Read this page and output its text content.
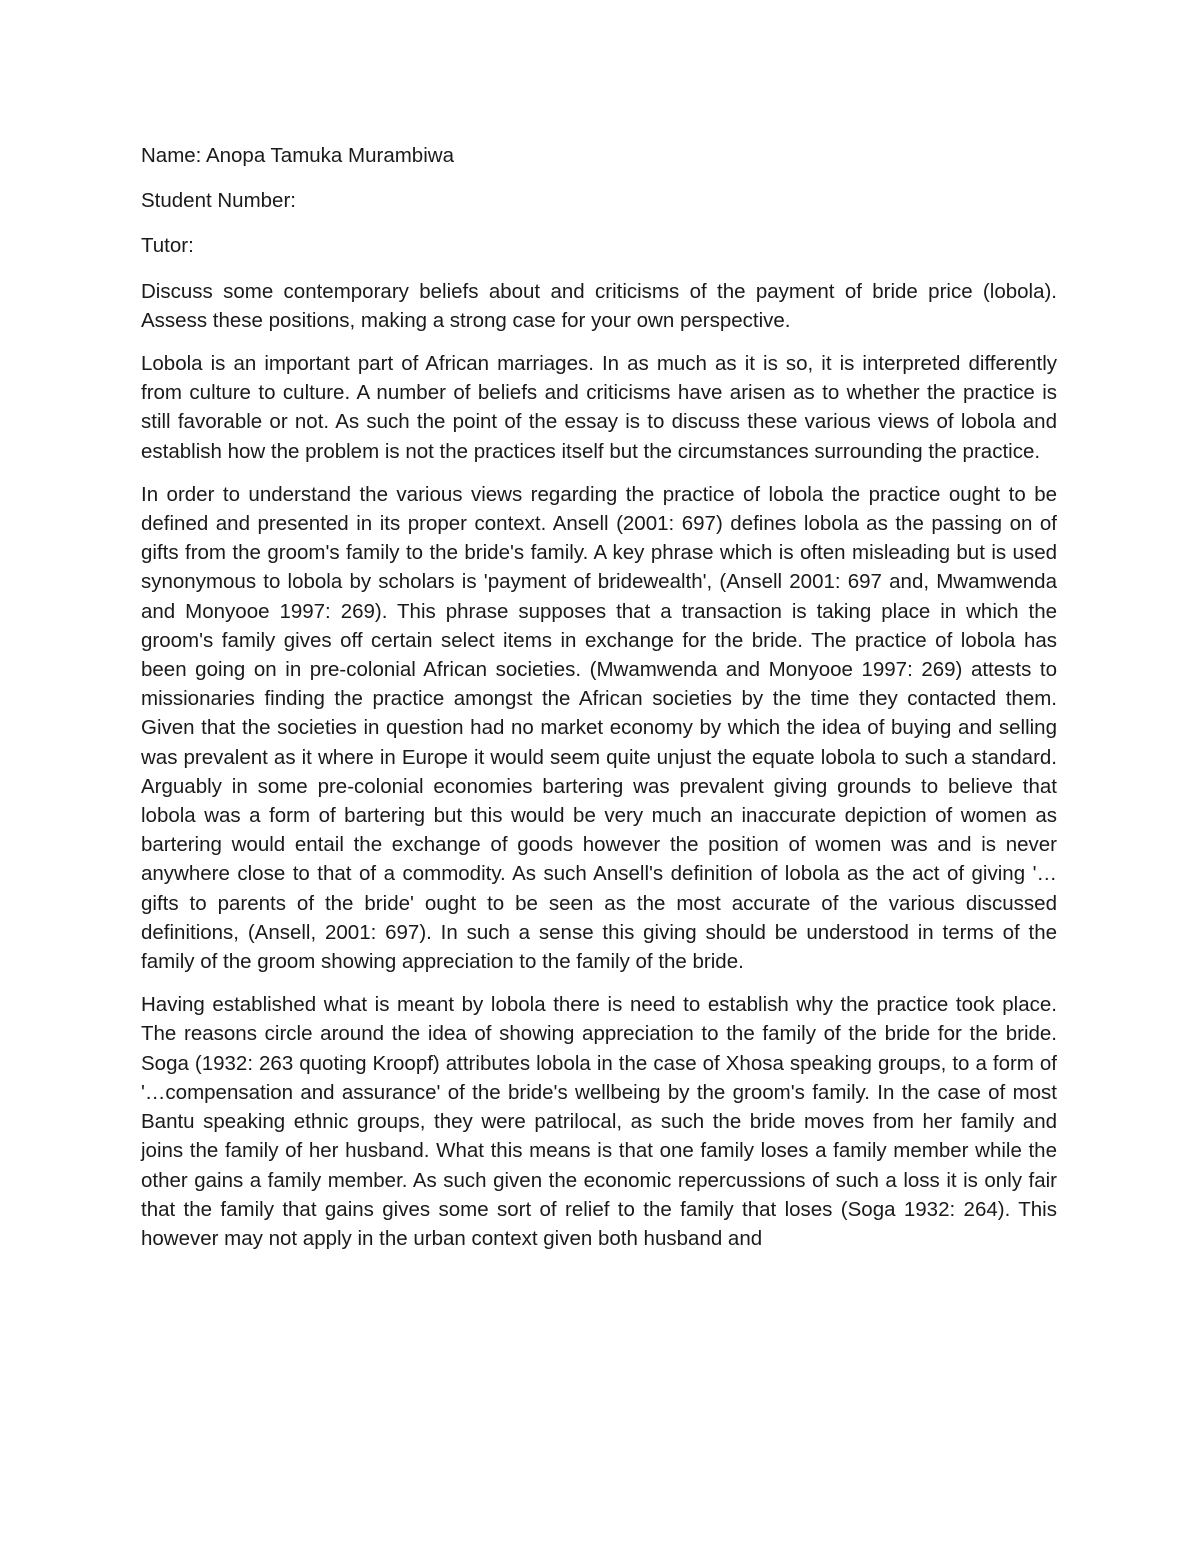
Name: Anopa Tamuka Murambiwa

Student Number:

Tutor:

Discuss some contemporary beliefs about and criticisms of the payment of bride price (lobola). Assess these positions, making a strong case for your own perspective.

Lobola is an important part of African marriages. In as much as it is so, it is interpreted differently from culture to culture. A number of beliefs and criticisms have arisen as to whether the practice is still favorable or not. As such the point of the essay is to discuss these various views of lobola and establish how the problem is not the practices itself but the circumstances surrounding the practice.

In order to understand the various views regarding the practice of lobola the practice ought to be defined and presented in its proper context. Ansell (2001: 697) defines lobola as the passing on of gifts from the groom's family to the bride's family. A key phrase which is often misleading but is used synonymous to lobola by scholars is 'payment of bridewealth', (Ansell 2001: 697 and, Mwamwenda and Monyooe 1997: 269). This phrase supposes that a transaction is taking place in which the groom's family gives off certain select items in exchange for the bride. The practice of lobola has been going on in pre-colonial African societies. (Mwamwenda and Monyooe 1997: 269) attests to missionaries finding the practice amongst the African societies by the time they contacted them. Given that the societies in question had no market economy by which the idea of buying and selling was prevalent as it where in Europe it would seem quite unjust the equate lobola to such a standard. Arguably in some pre-colonial economies bartering was prevalent giving grounds to believe that lobola was a form of bartering but this would be very much an inaccurate depiction of women as bartering would entail the exchange of goods however the position of women was and is never anywhere close to that of a commodity. As such Ansell's definition of lobola as the act of giving '…gifts to parents of the bride' ought to be seen as the most accurate of the various discussed definitions, (Ansell, 2001: 697). In such a sense this giving should be understood in terms of the family of the groom showing appreciation to the family of the bride.

Having established what is meant by lobola there is need to establish why the practice took place. The reasons circle around the idea of showing appreciation to the family of the bride for the bride. Soga (1932: 263 quoting Kroopf) attributes lobola in the case of Xhosa speaking groups, to a form of '…compensation and assurance' of the bride's wellbeing by the groom's family. In the case of most Bantu speaking ethnic groups, they were patrilocal, as such the bride moves from her family and joins the family of her husband. What this means is that one family loses a family member while the other gains a family member. As such given the economic repercussions of such a loss it is only fair that the family that gains gives some sort of relief to the family that loses (Soga 1932: 264). This however may not apply in the urban context given both husband and
